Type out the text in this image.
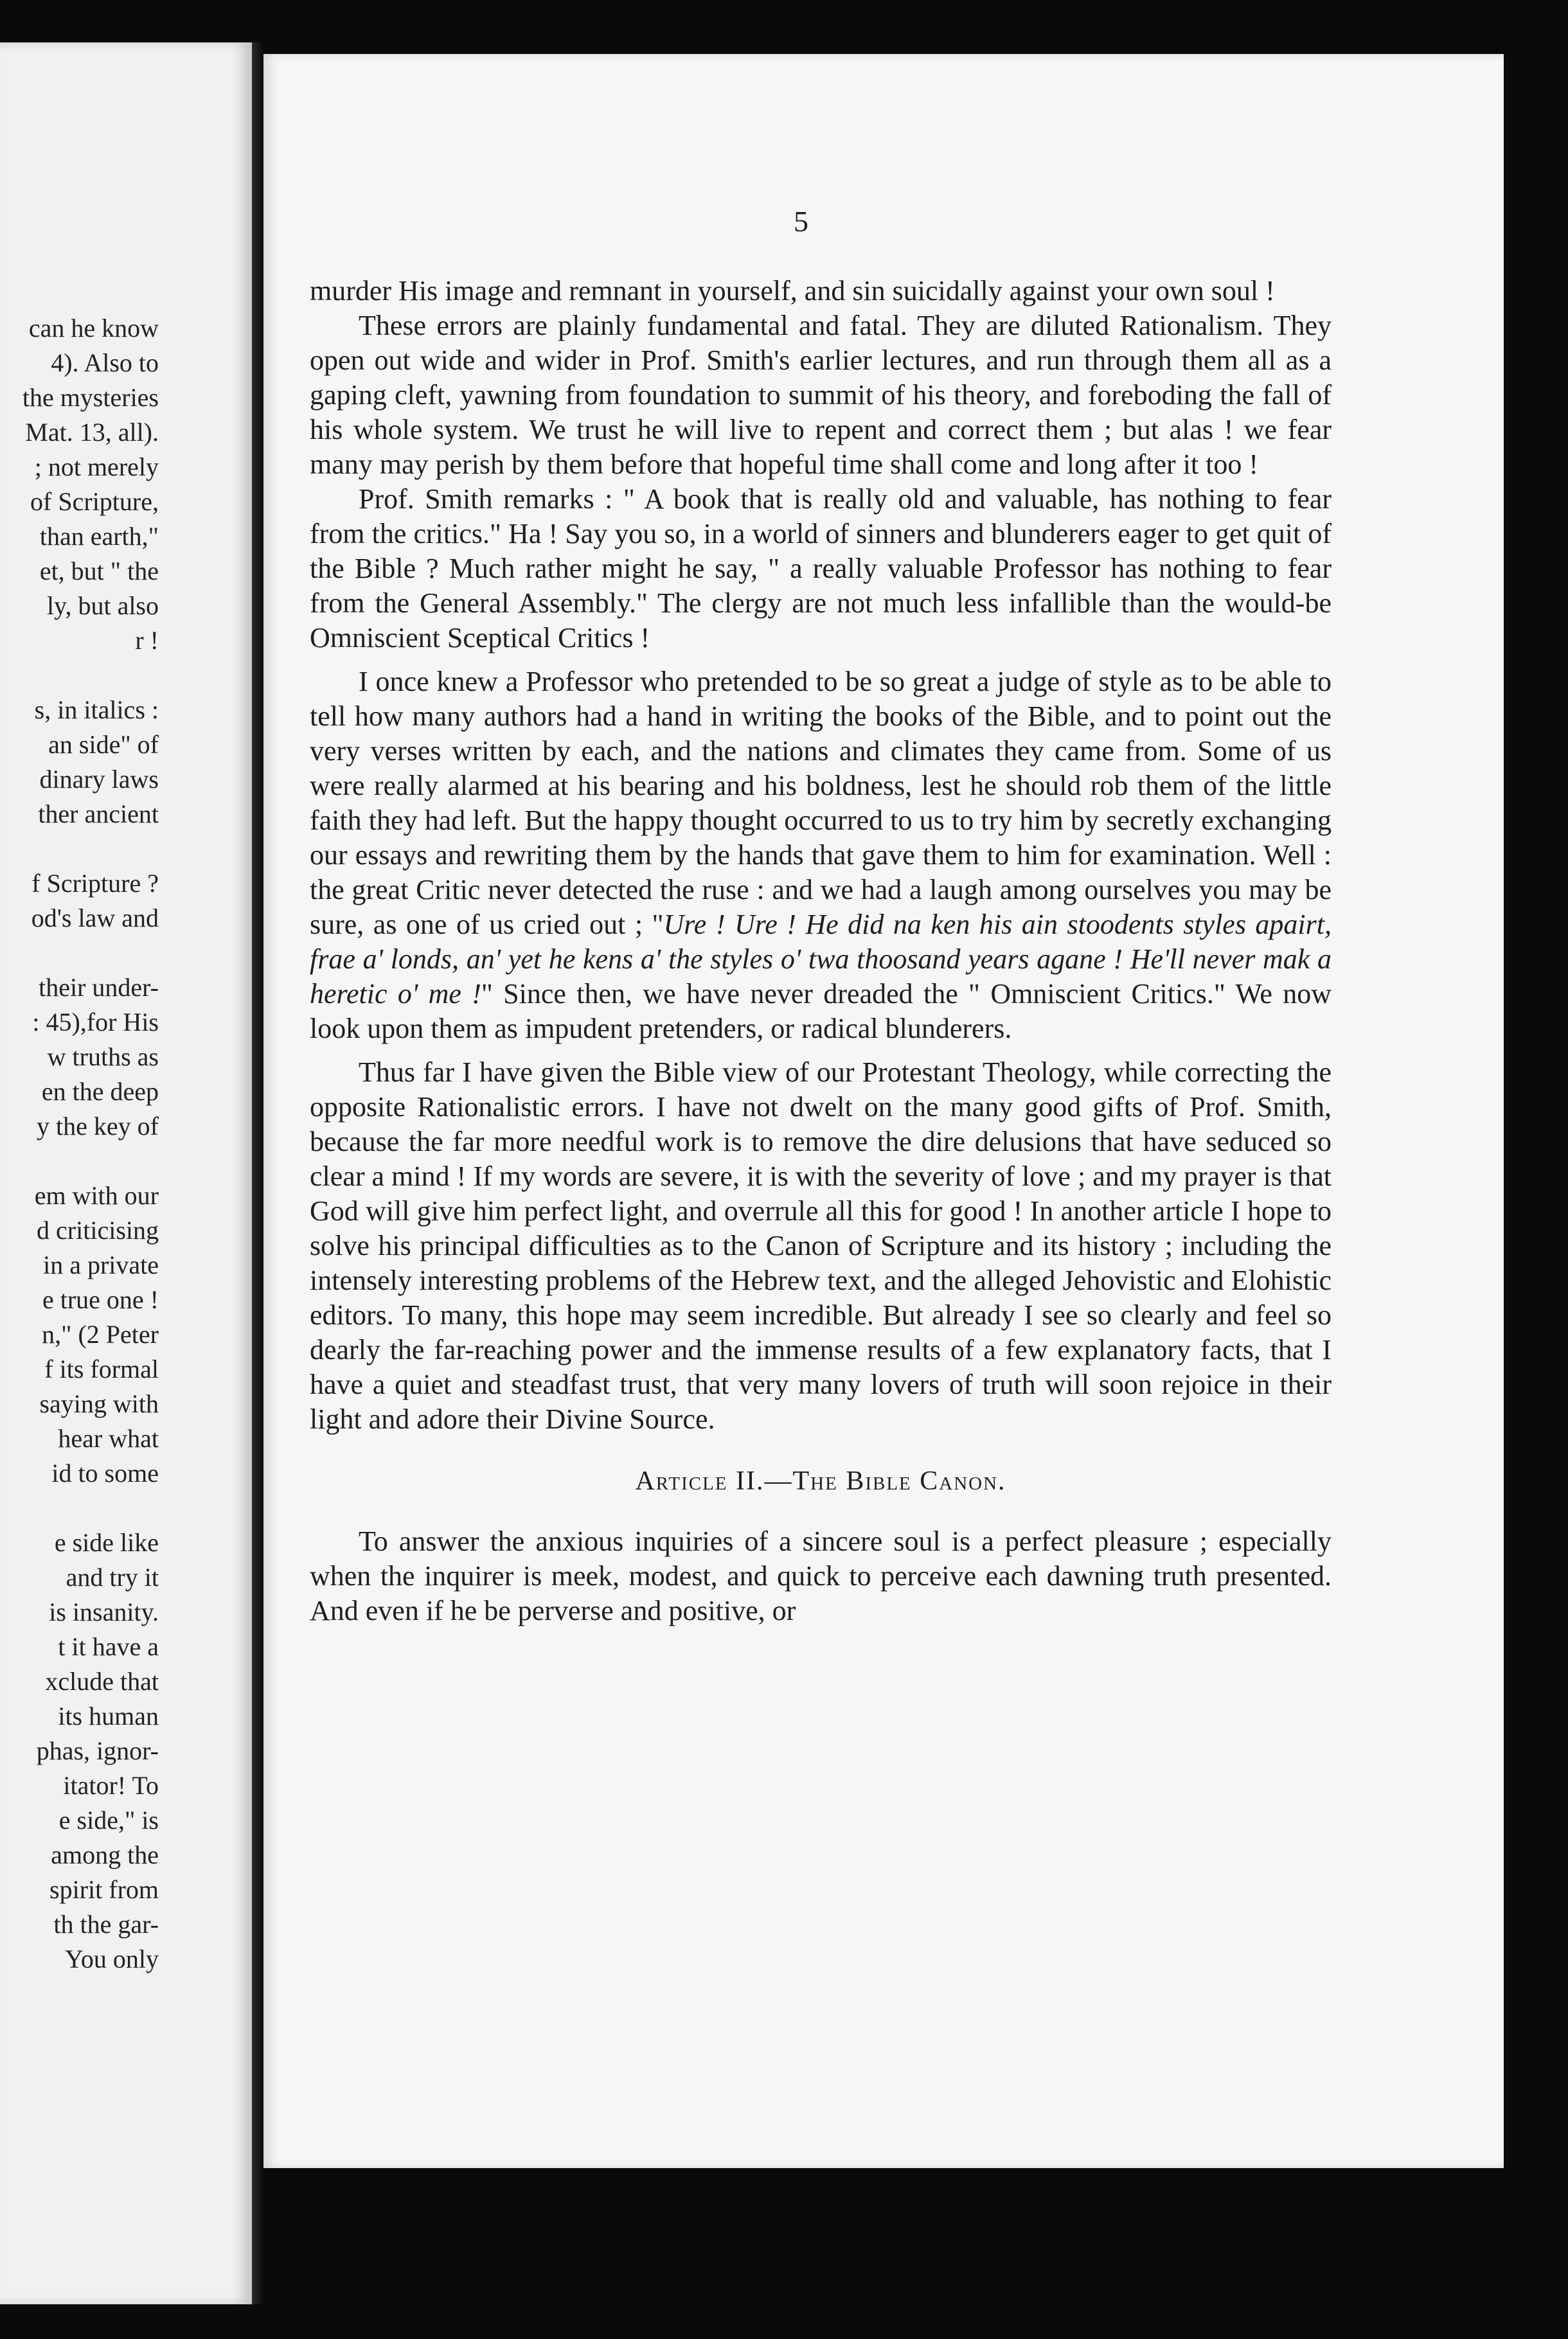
can he know
4). Also to
the mysteries
Mat. 13, all).
; not merely
of Scripture,
than earth,"
et, but " the
ly, but also
r !
s, in italics :
an side" of
dinary laws
ther ancient
f Scripture ?
od's law and
their under-
: 45),for His
w truths as
en the deep
y the key of
em with our
d criticising
in a private
e true one !
n," (2 Peter
f its formal
saying with
hear what
id to some
e side like
and try it
is insanity.
t it have a
xclude that
its human
phas, ignor-
itator! To
e side," is
among the
spirit from
th the gar-
You only
5

murder His image and remnant in yourself, and sin suicidally against your own soul !

These errors are plainly fundamental and fatal. They are diluted Rationalism. They open out wide and wider in Prof. Smith's earlier lectures, and run through them all as a gaping cleft, yawning from foundation to summit of his theory, and foreboding the fall of his whole system. We trust he will live to repent and correct them ; but alas ! we fear many may perish by them before that hopeful time shall come and long after it too !

Prof. Smith remarks : " A book that is really old and valuable, has nothing to fear from the critics." Ha ! Say you so, in a world of sinners and blunderers eager to get quit of the Bible ? Much rather might he say, " a really valuable Professor has nothing to fear from the General Assembly." The clergy are not much less infallible than the would-be Omniscient Sceptical Critics !

I once knew a Professor who pretended to be so great a judge of style as to be able to tell how many authors had a hand in writing the books of the Bible, and to point out the very verses written by each, and the nations and climates they came from. Some of us were really alarmed at his bearing and his boldness, lest he should rob them of the little faith they had left. But the happy thought occurred to us to try him by secretly exchanging our essays and rewriting them by the hands that gave them to him for examination. Well : the great Critic never detected the ruse : and we had a laugh among ourselves you may be sure, as one of us cried out ; "Ure ! Ure ! He did na ken his ain stoodents styles apairt, frae a' londs, an' yet he kens a' the styles o' twa thoosand years agane ! He'll never mak a heretic o' me !" Since then, we have never dreaded the " Omniscient Critics." We now look upon them as impudent pretenders, or radical blunderers.

Thus far I have given the Bible view of our Protestant Theology, while correcting the opposite Rationalistic errors. I have not dwelt on the many good gifts of Prof. Smith, because the far more needful work is to remove the dire delusions that have seduced so clear a mind ! If my words are severe, it is with the severity of love ; and my prayer is that God will give him perfect light, and overrule all this for good ! In another article I hope to solve his principal difficulties as to the Canon of Scripture and its history ; including the intensely interesting problems of the Hebrew text, and the alleged Jehovistic and Elohistic editors. To many, this hope may seem incredible. But already I see so clearly and feel so dearly the far-reaching power and the immense results of a few explanatory facts, that I have a quiet and steadfast trust, that very many lovers of truth will soon rejoice in their light and adore their Divine Source.

Article II.—The Bible Canon.

To answer the anxious inquiries of a sincere soul is a perfect pleasure ; especially when the inquirer is meek, modest, and quick to perceive each dawning truth presented. And even if he be perverse and positive, or
